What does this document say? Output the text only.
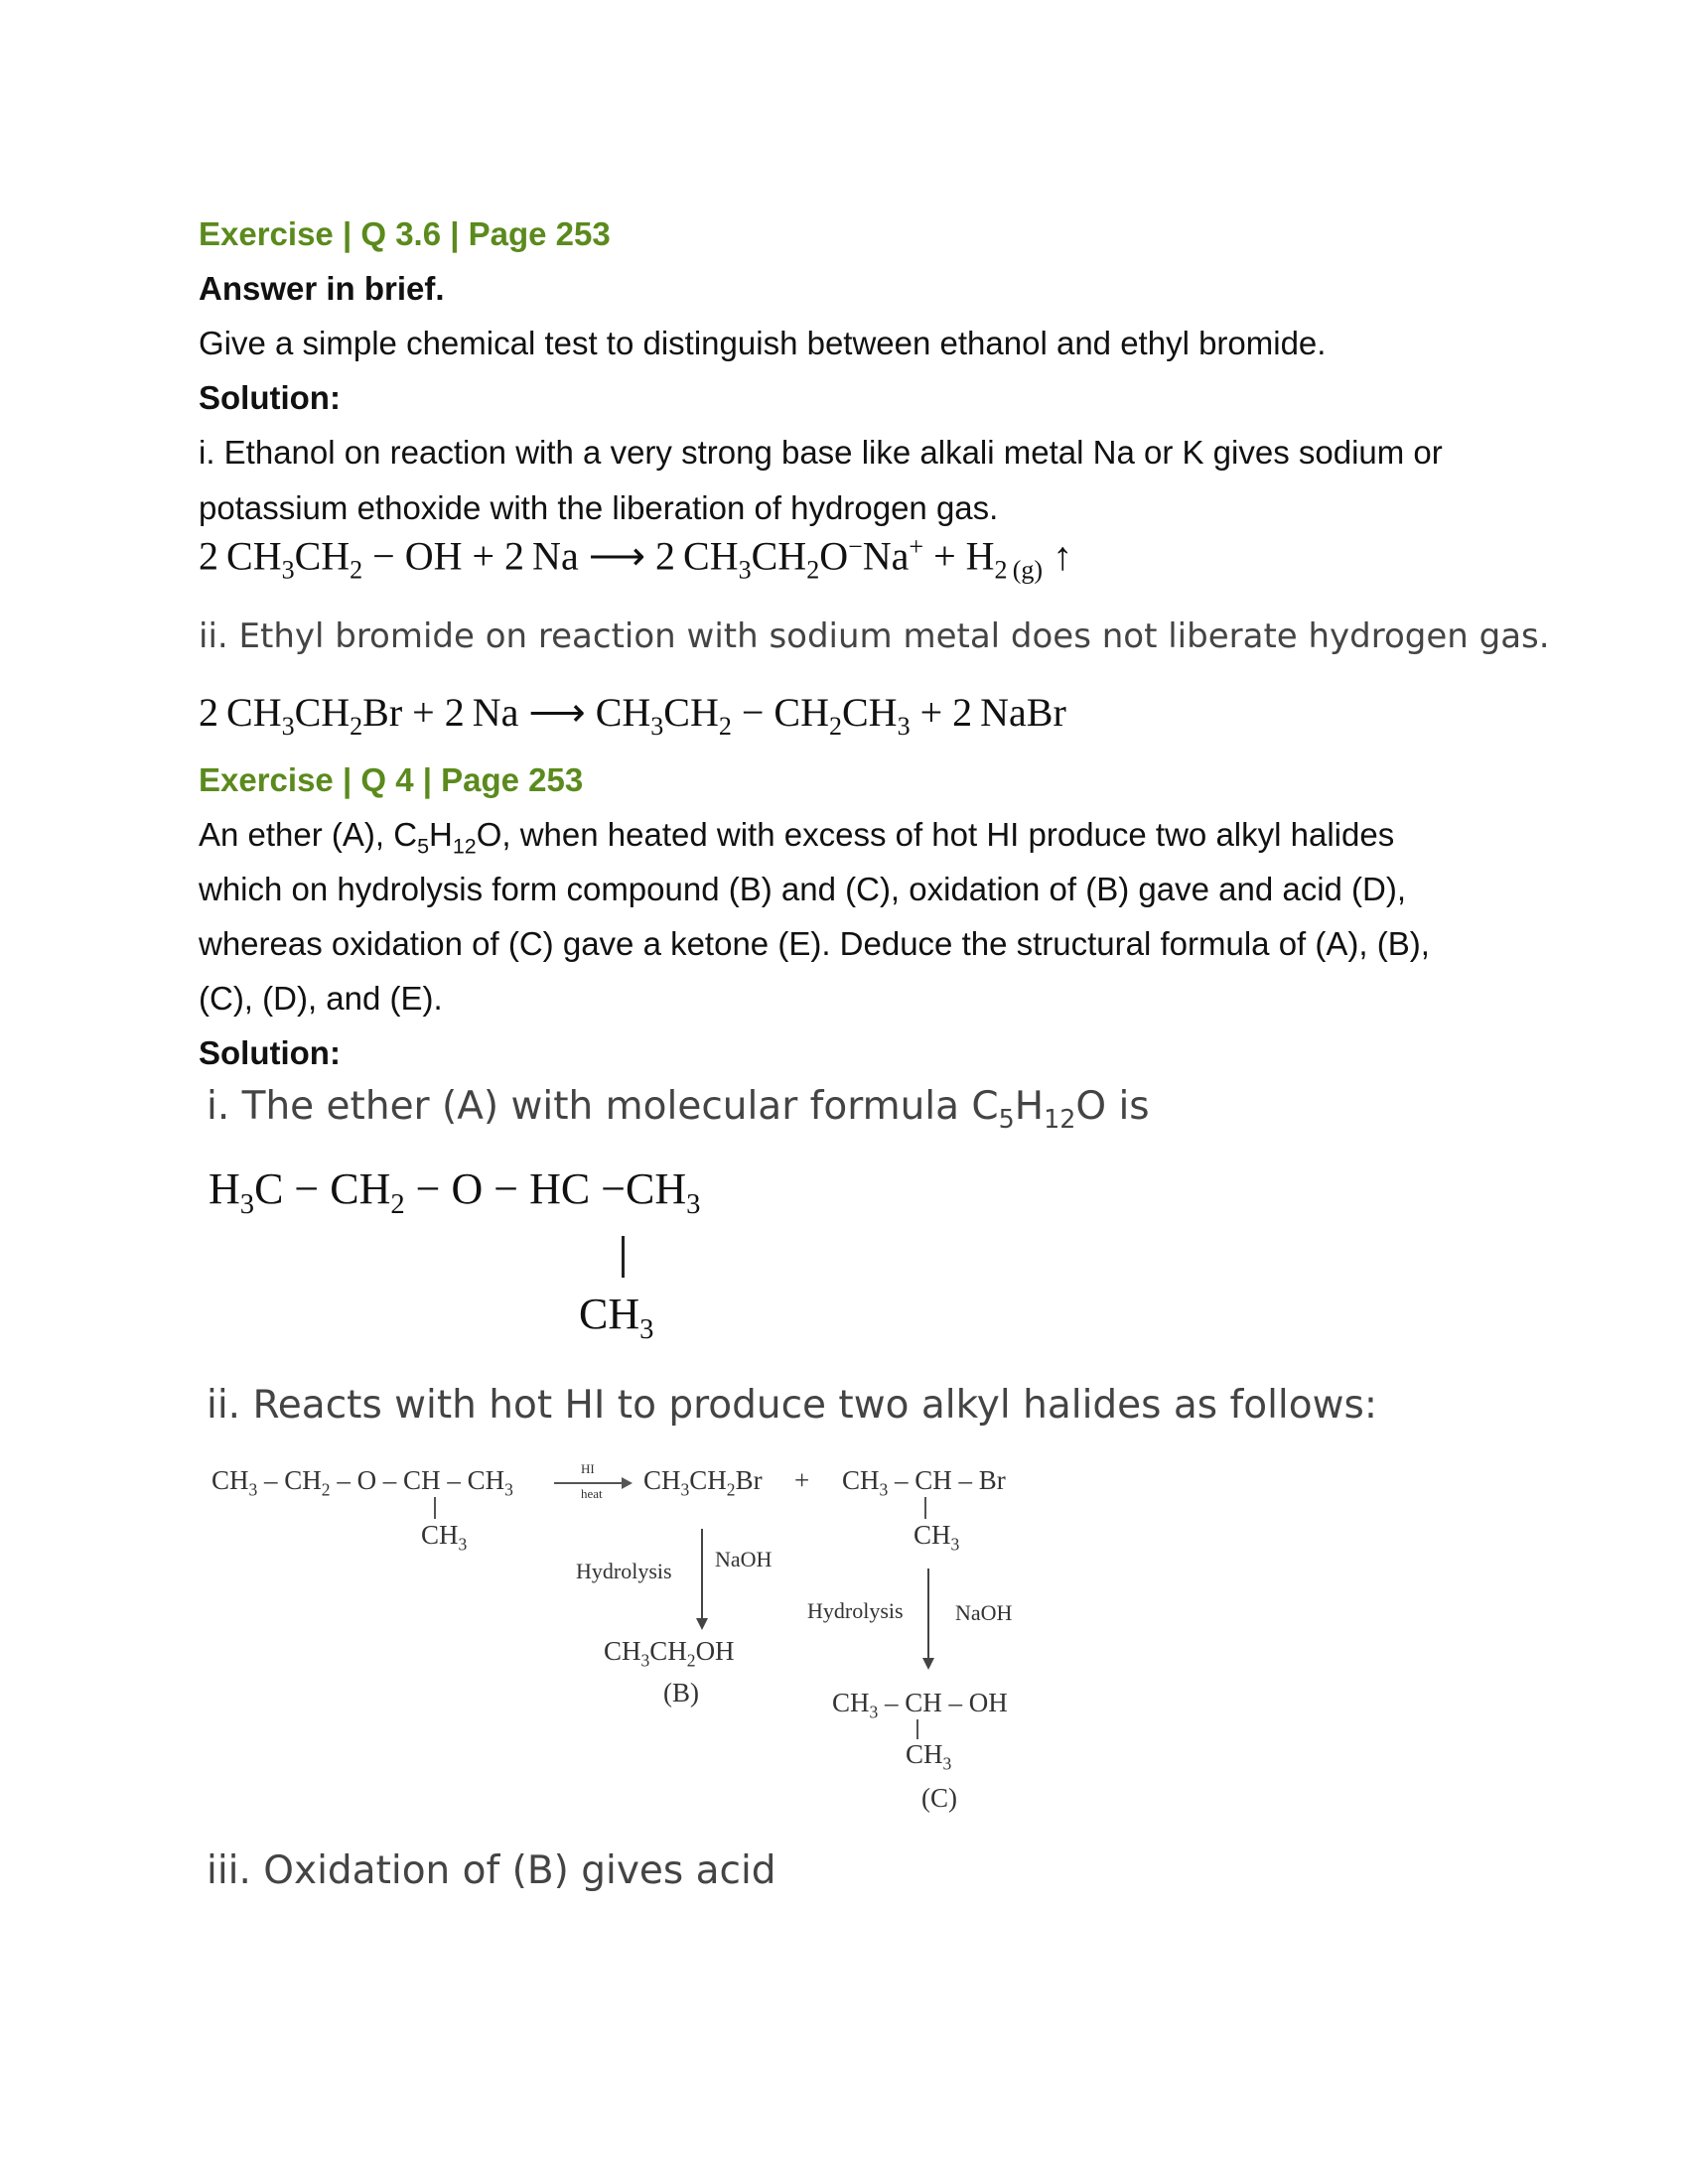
Exercise | Q 3.6 | Page 253
Answer in brief.
Give a simple chemical test to distinguish between ethanol and ethyl bromide.
Solution:
i. Ethanol on reaction with a very strong base like alkali metal Na or K gives sodium or
potassium ethoxide with the liberation of hydrogen gas.
2 $CH_3CH_2$ − OH + 2 Na ⟶ 2 $CH_3CH_2O^-Na^+ + H_{2 (g)}$ ↑
ii. Ethyl bromide on reaction with sodium metal does not liberate hydrogen gas.
2 $CH_3CH_2Br + 2$ Na ⟶ $CH_3CH_2 - CH_2CH_3 + 2$ NaBr
Exercise | Q 4 | Page 253
An ether (A), $C_5H_{12}O$, when heated with excess of hot HI produce two alkyl halides
which on hydrolysis form compound (B) and (C), oxidation of (B) gave and acid (D),
whereas oxidation of (C) gave a ketone (E). Deduce the structural formula of (A), (B),
(C), (D), and (E).
Solution:
i. The ether (A) with molecular formula $C_5H_{12}O$ is
$H_3C - CH_2 - O$ − HC $-CH_3$
$CH_3$
ii. Reacts with hot HI to produce two alkyl halides as follows:
$CH_3 - CH_2$ – O – CH – $CH_3$
$CH_3$
HI
heat $CH_3CH_2Br + CH_3$ – CH – Br
$CH_3$
Hydrolysis NaOH
$CH_3CH_2OH$
(B)
Hydrolysis NaOH
$CH_3$ – CH – OH
$CH_3$
(C)
iii. Oxidation of (B) gives acid
